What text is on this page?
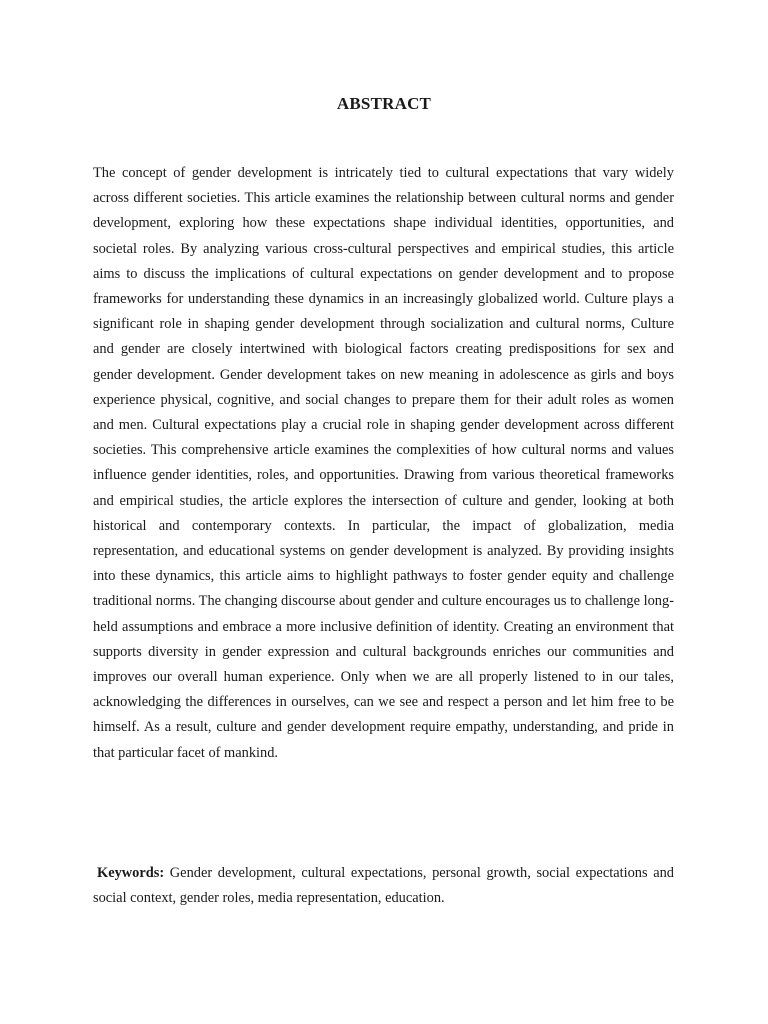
ABSTRACT

The concept of gender development is intricately tied to cultural expectations that vary widely across different societies. This article examines the relationship between cultural norms and gender development, exploring how these expectations shape individual identities, opportunities, and societal roles. By analyzing various cross-cultural perspectives and empirical studies, this article aims to discuss the implications of cultural expectations on gender development and to propose frameworks for understanding these dynamics in an increasingly globalized world. Culture plays a significant role in shaping gender development through socialization and cultural norms, Culture and gender are closely intertwined with biological factors creating predispositions for sex and gender development. Gender development takes on new meaning in adolescence as girls and boys experience physical, cognitive, and social changes to prepare them for their adult roles as women and men. Cultural expectations play a crucial role in shaping gender development across different societies. This comprehensive article examines the complexities of how cultural norms and values influence gender identities, roles, and opportunities. Drawing from various theoretical frameworks and empirical studies, the article explores the intersection of culture and gender, looking at both historical and contemporary contexts. In particular, the impact of globalization, media representation, and educational systems on gender development is analyzed. By providing insights into these dynamics, this article aims to highlight pathways to foster gender equity and challenge traditional norms. The changing discourse about gender and culture encourages us to challenge long-held assumptions and embrace a more inclusive definition of identity. Creating an environment that supports diversity in gender expression and cultural backgrounds enriches our communities and improves our overall human experience. Only when we are all properly listened to in our tales, acknowledging the differences in ourselves, can we see and respect a person and let him free to be himself. As a result, culture and gender development require empathy, understanding, and pride in that particular facet of mankind.

Keywords: Gender development, cultural expectations, personal growth, social expectations and social context, gender roles, media representation, education.
